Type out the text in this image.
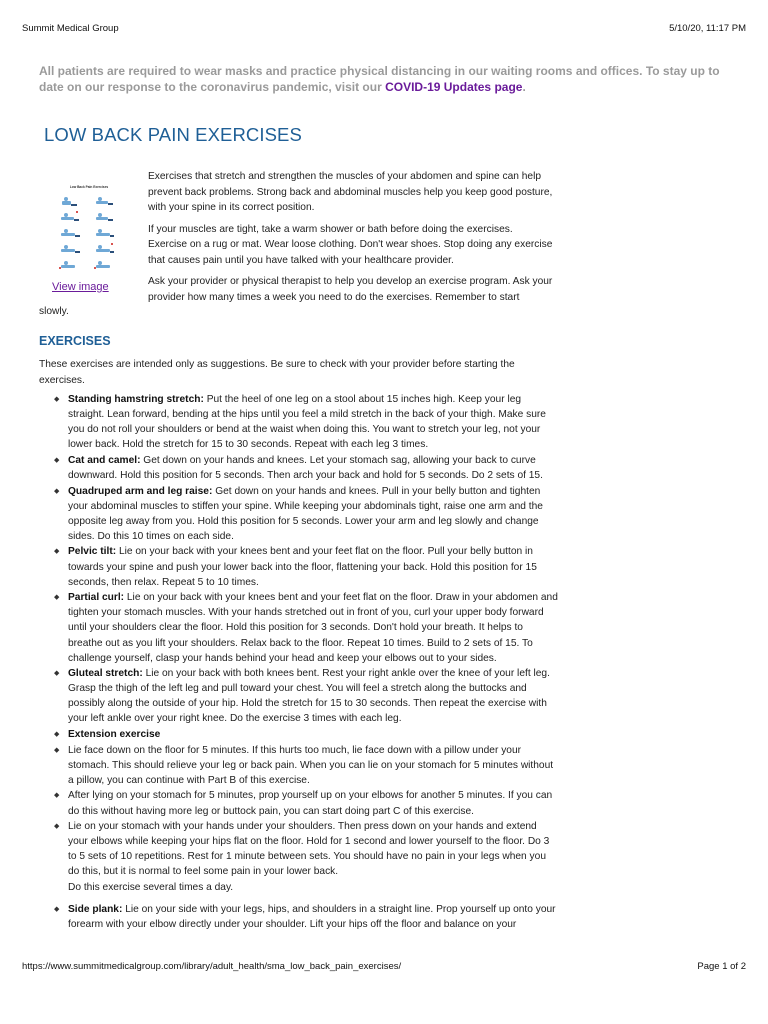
Summit Medical Group	5/10/20, 11:17 PM
All patients are required to wear masks and practice physical distancing in our waiting rooms and offices. To stay up to date on our response to the coronavirus pandemic, visit our COVID-19 Updates page.
LOW BACK PAIN EXERCISES
Low Back Pain Exercises
View image

Exercises that stretch and strengthen the muscles of your abdomen and spine can help prevent back problems. Strong back and abdominal muscles help you keep good posture, with your spine in its correct position.

If your muscles are tight, take a warm shower or bath before doing the exercises. Exercise on a rug or mat. Wear loose clothing. Don't wear shoes. Stop doing any exercise that causes pain until you have talked with your healthcare provider.

Ask your provider or physical therapist to help you develop an exercise program. Ask your provider how many times a week you need to do the exercises. Remember to start

slowly.
EXERCISES

These exercises are intended only as suggestions. Be sure to check with your provider before starting the exercises.

◆ Standing hamstring stretch: Put the heel of one leg on a stool about 15 inches high. Keep your leg straight. Lean forward, bending at the hips until you feel a mild stretch in the back of your thigh. Make sure you do not roll your shoulders or bend at the waist when doing this. You want to stretch your leg, not your lower back. Hold the stretch for 15 to 30 seconds. Repeat with each leg 3 times.
◆ Cat and camel: Get down on your hands and knees. Let your stomach sag, allowing your back to curve downward. Hold this position for 5 seconds. Then arch your back and hold for 5 seconds. Do 2 sets of 15.
◆ Quadruped arm and leg raise: Get down on your hands and knees. Pull in your belly button and tighten your abdominal muscles to stiffen your spine. While keeping your abdominals tight, raise one arm and the opposite leg away from you. Hold this position for 5 seconds. Lower your arm and leg slowly and change sides. Do this 10 times on each side.
◆ Pelvic tilt: Lie on your back with your knees bent and your feet flat on the floor. Pull your belly button in towards your spine and push your lower back into the floor, flattening your back. Hold this position for 15 seconds, then relax. Repeat 5 to 10 times.
◆ Partial curl: Lie on your back with your knees bent and your feet flat on the floor. Draw in your abdomen and tighten your stomach muscles. With your hands stretched out in front of you, curl your upper body forward until your shoulders clear the floor. Hold this position for 3 seconds. Don't hold your breath. It helps to breathe out as you lift your shoulders. Relax back to the floor. Repeat 10 times. Build to 2 sets of 15. To challenge yourself, clasp your hands behind your head and keep your elbows out to your sides.
◆ Gluteal stretch: Lie on your back with both knees bent. Rest your right ankle over the knee of your left leg. Grasp the thigh of the left leg and pull toward your chest. You will feel a stretch along the buttocks and possibly along the outside of your hip. Hold the stretch for 15 to 30 seconds. Then repeat the exercise with your left ankle over your right knee. Do the exercise 3 times with each leg.
◆ Extension exercise
◆ Lie face down on the floor for 5 minutes. If this hurts too much, lie face down with a pillow under your stomach. This should relieve your leg or back pain. When you can lie on your stomach for 5 minutes without a pillow, you can continue with Part B of this exercise.
◆ After lying on your stomach for 5 minutes, prop yourself up on your elbows for another 5 minutes. If you can do this without having more leg or buttock pain, you can start doing part C of this exercise.
◆ Lie on your stomach with your hands under your shoulders. Then press down on your hands and extend your elbows while keeping your hips flat on the floor. Hold for 1 second and lower yourself to the floor. Do 3 to 5 sets of 10 repetitions. Rest for 1 minute between sets. You should have no pain in your legs when you do this, but it is normal to feel some pain in your lower back.
Do this exercise several times a day.
◆ Side plank: Lie on your side with your legs, hips, and shoulders in a straight line. Prop yourself up onto your forearm with your elbow directly under your shoulder. Lift your hips off the floor and balance on your
https://www.summitmedicalgroup.com/library/adult_health/sma_low_back_pain_exercises/	Page 1 of 2
